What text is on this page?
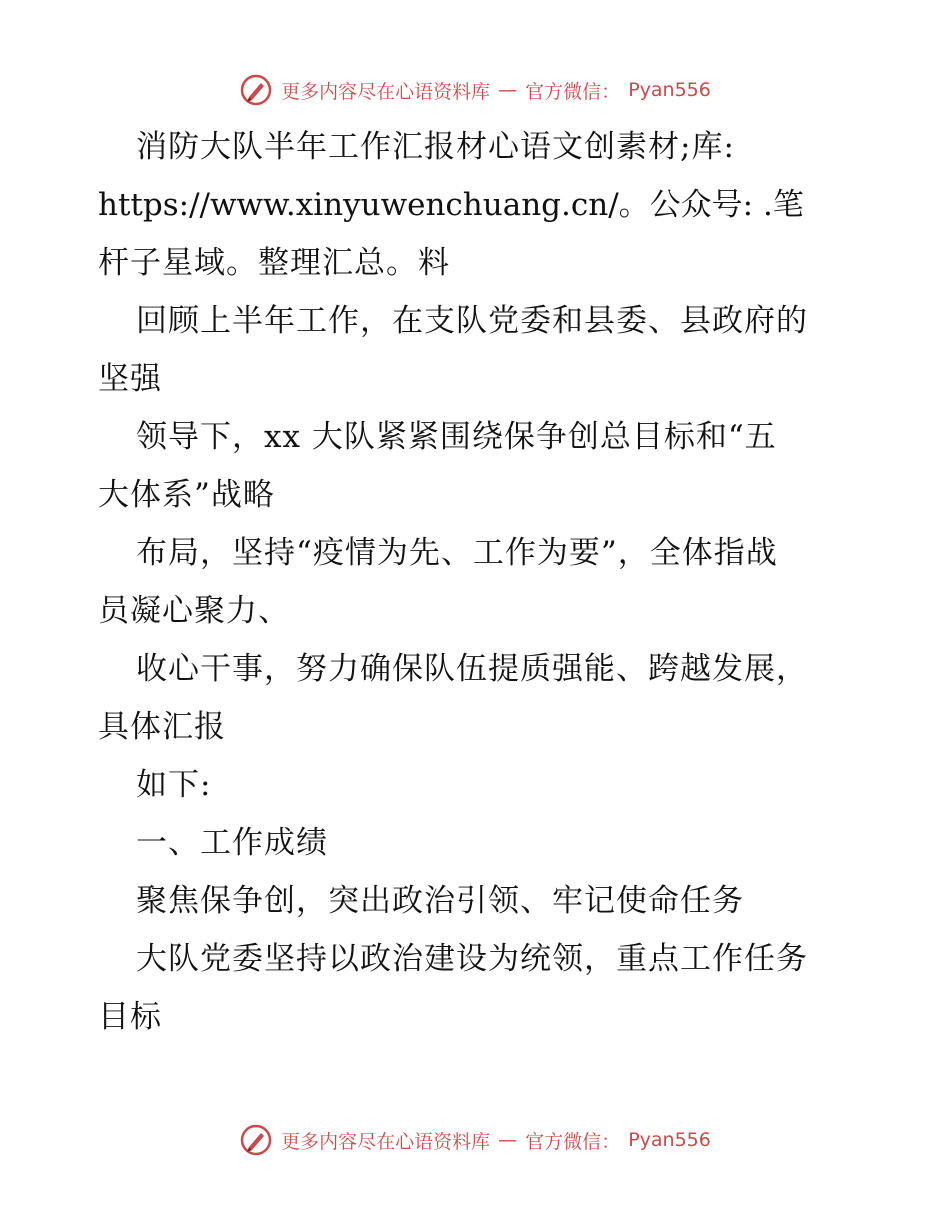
更多内容尽在心语资料库 — 官方微信： Pyan556
消防大队半年工作汇报材心语文创素材;库:
https://www.xinyuwenchuang.cn/。公众号: .笔
杆子星域。整理汇总。料
回顾上半年工作，在支队党委和县委、县政府的
坚强
领导下，xx 大队紧紧围绕保争创总目标和“五
大体系”战略
布局，坚持“疫情为先、工作为要”，全体指战
员凝心聚力、
收心干事，努力确保队伍提质强能、跨越发展，
具体汇报
如下:
一、工作成绩
聚焦保争创，突出政治引领、牢记使命任务
大队党委坚持以政治建设为统领，重点工作任务
目标
更多内容尽在心语资料库 — 官方微信： Pyan556
